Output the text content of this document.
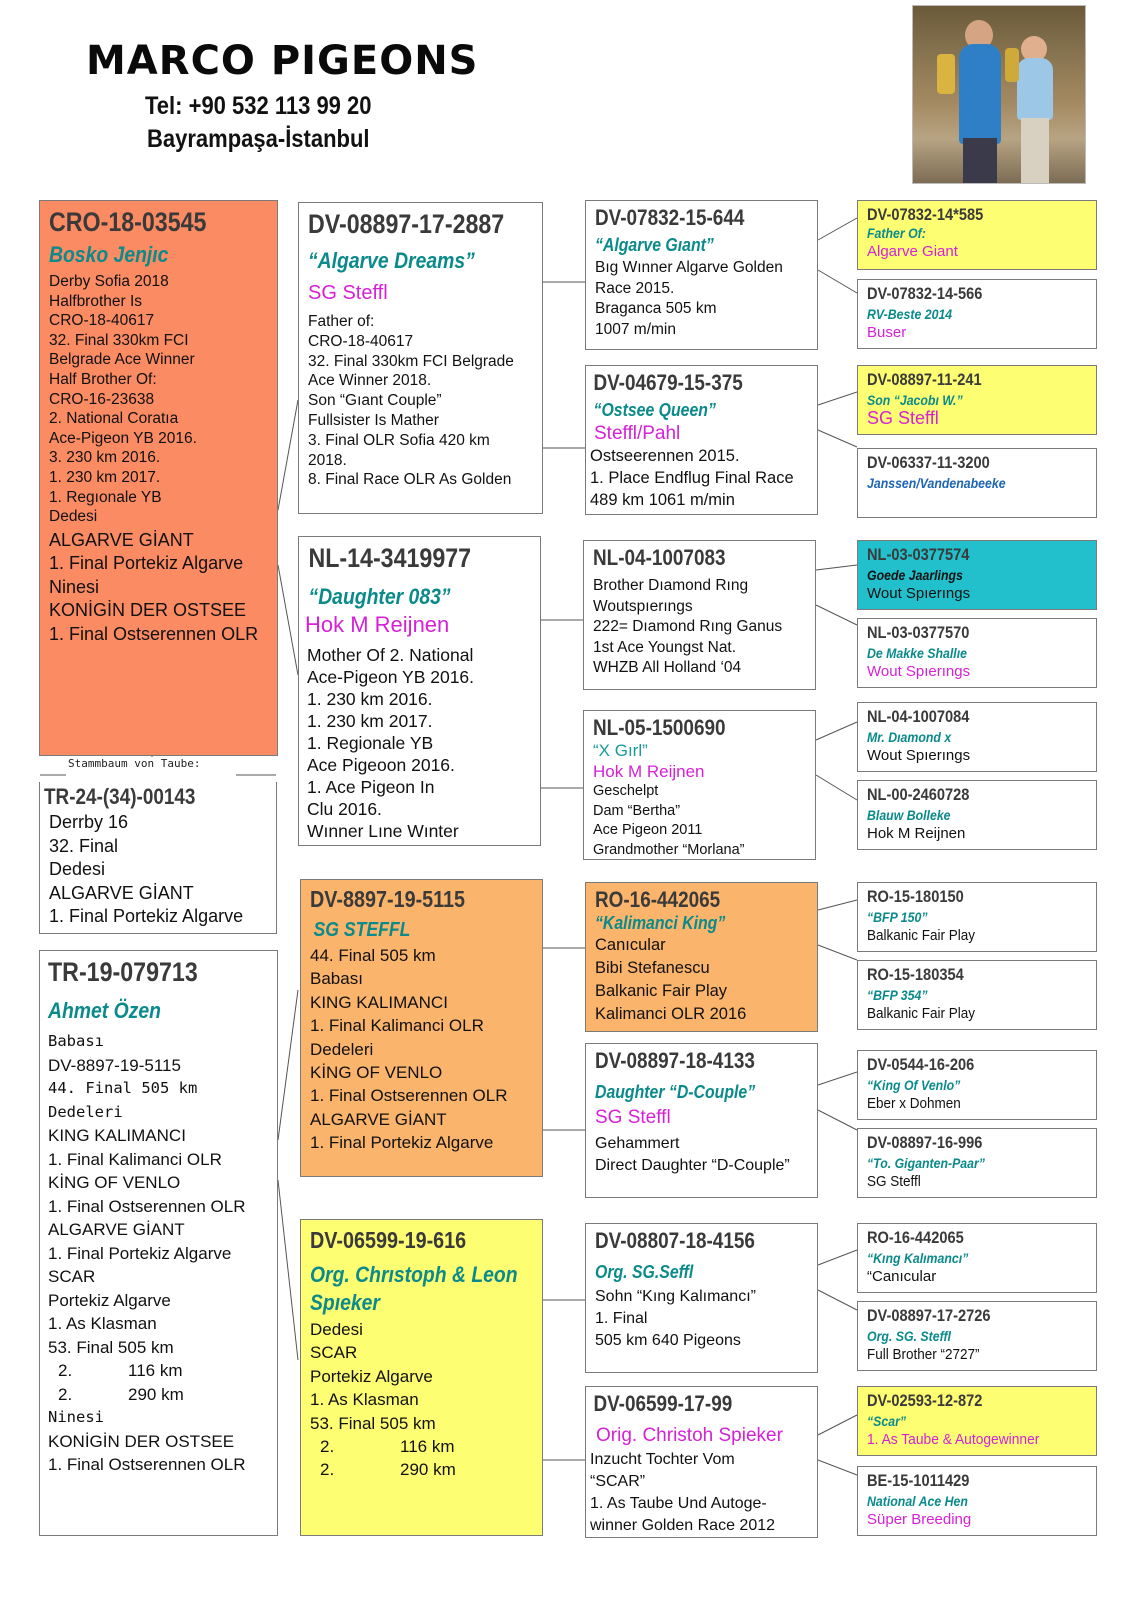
MARCO PIGEONS
Tel: +90 532 113 99 20
Bayrampaşa-İstanbul
CRO-18-03545
Bosko Jenjıc
Derby Sofia 2018
Halfbrother Is
CRO-18-40617
32. Final 330km FCI
Belgrade Ace Winner
Half Brother Of:
CRO-16-23638
2. National Coratıa
Ace-Pigeon YB 2016.
3. 230 km 2016.
1. 230 km 2017.
1. Regıonale YB
Dedesi
ALGARVE GİANT
1. Final Portekiz Algarve
Ninesi
KONİGİN DER OSTSEE
1. Final Ostserennen OLR
Stammbaum von Taube:
TR-24-(34)-00143
Derrby 16
32. Final
Dedesi
ALGARVE GİANT
1. Final Portekiz Algarve
TR-19-079713
Ahmet Özen
Babası
DV-8897-19-5115
44. Final 505 km
Dedeleri
KING KALIMANCI
1. Final Kalimanci OLR
KİNG OF VENLO
1. Final Ostserennen OLR
ALGARVE GİANT
1. Final Portekiz Algarve
SCAR
Portekiz Algarve
1. As Klasman
53. Final 505 km
2.	116 km
2.	290 km
Ninesi
KONİGİN DER OSTSEE
1. Final Ostserennen OLR
DV-08897-17-2887
“Algarve Dreams”
SG Steffl
Father of:
CRO-18-40617
32. Final 330km FCI Belgrade
Ace Winner 2018.
Son “Gıant Couple”
Fullsister Is Mather
3. Final OLR Sofia 420 km
2018.
8. Final Race OLR As Golden
NL-14-3419977
“Daughter 083”
Hok M Reijnen
Mother Of 2. National
Ace-Pigeon YB 2016.
1. 230 km 2016.
1. 230 km 2017.
1. Regionale YB
Ace Pigeoon 2016.
1. Ace Pigeon In
Clu 2016.
Wınner Lıne Wınter
DV-8897-19-5115
SG STEFFL
44. Final 505 km
Babası
KING KALIMANCI
1. Final Kalimanci OLR
Dedeleri
KİNG OF VENLO
1. Final Ostserennen OLR
ALGARVE GİANT
1. Final Portekiz Algarve
DV-06599-19-616
Org. Chrıstoph & Leon
Spıeker
Dedesi
SCAR
Portekiz Algarve
1. As Klasman
53. Final 505 km
2.	116 km
2.	290 km
DV-07832-15-644
“Algarve Gıant”
Bıg Wınner Algarve Golden
Race 2015.
Braganca 505 km
1007 m/min
DV-04679-15-375
“Ostsee Queen”
Steffl/Pahl
Ostseerennen 2015.
1. Place Endflug Final Race
489 km 1061 m/min
NL-04-1007083
Brother Dıamond Rıng
Woutspıerıngs
222= Dıamond Rıng Ganus
1st Ace Youngst Nat.
WHZB All Holland ‘04
NL-05-1500690
“X Gırl”
Hok M Reijnen
Geschelpt
Dam “Bertha”
Ace Pigeon 2011
Grandmother “Morlana”
RO-16-442065
“Kalimanci King”
Canıcular
Bibi Stefanescu
Balkanic Fair Play
Kalimanci OLR 2016
DV-08897-18-4133
Daughter “D-Couple”
SG Steffl
Gehammert
Direct Daughter “D-Couple”
DV-08807-18-4156
Org. SG.Seffl
Sohn “Kıng Kalımancı”
1. Final
505 km 640 Pigeons
DV-06599-17-99
Orig. Christoh Spieker
Inzucht Tochter Vom
“SCAR”
1. As Taube Und Autoge-
winner Golden Race 2012
DV-07832-14*585
Father Of:
Algarve Giant
DV-07832-14-566
RV-Beste 2014
Buser
DV-08897-11-241
Son “Jacobı W.”
SG Steffl
DV-06337-11-3200
Janssen/Vandenabeeke
NL-03-0377574
Goede Jaarlings
Wout Spıerıngs
NL-03-0377570
De Makke Shallıe
Wout Spıerıngs
NL-04-1007084
Mr. Dıamond x
Wout Spıerıngs
NL-00-2460728
Blauw Bolleke
Hok M Reijnen
RO-15-180150
“BFP 150”
Balkanic Fair Play
RO-15-180354
“BFP 354”
Balkanic Fair Play
DV-0544-16-206
“King Of Venlo”
Eber x Dohmen
DV-08897-16-996
“To. Giganten-Paar”
SG Steffl
RO-16-442065
“Kıng Kalımancı”
“Canıcular
DV-08897-17-2726
Org. SG. Steffl
Full Brother “2727”
DV-02593-12-872
“Scar”
1. As Taube & Autogewinner
BE-15-1011429
National Ace Hen
Süper Breeding
